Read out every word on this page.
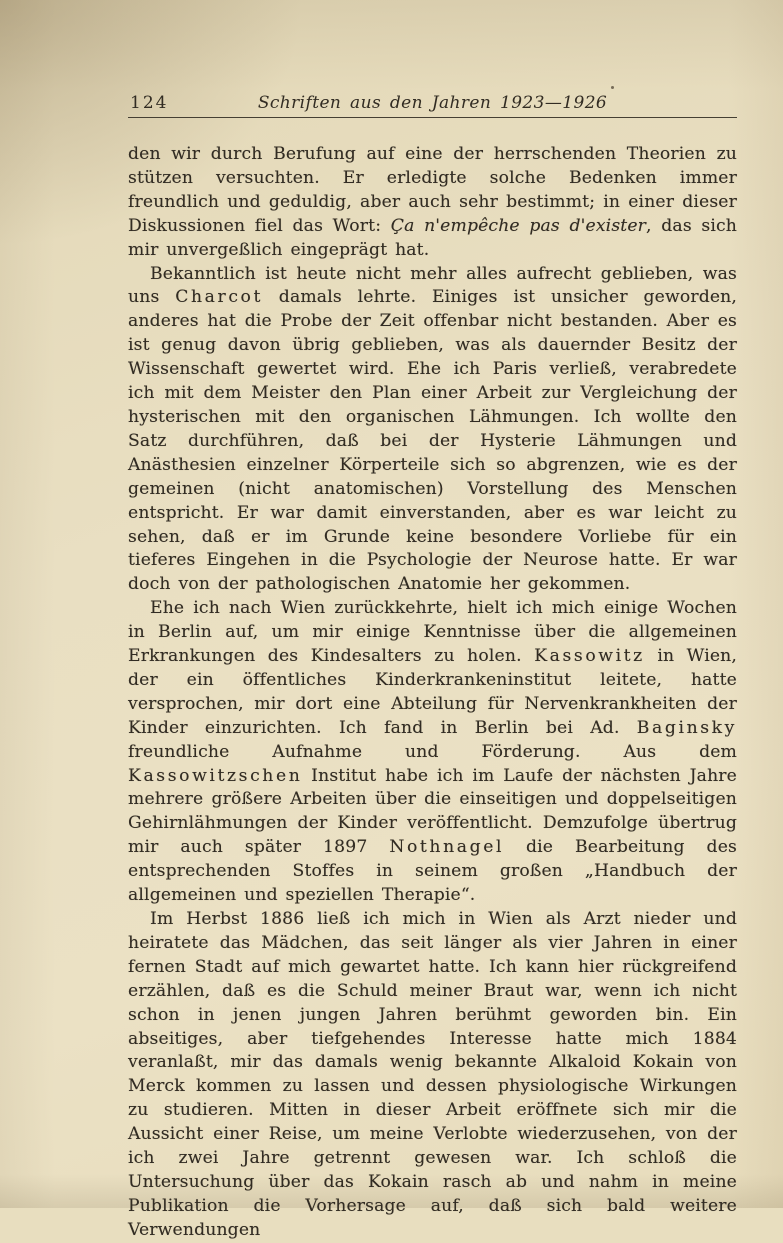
124	Schriften aus den Jahren 1923—1926

den wir durch Berufung auf eine der herrschenden Theorien zu stützen versuchten. Er erledigte solche Bedenken immer freundlich und geduldig, aber auch sehr bestimmt; in einer dieser Diskussionen fiel das Wort: Ça n'empêche pas d'exister, das sich mir unvergeßlich eingeprägt hat.

Bekanntlich ist heute nicht mehr alles aufrecht geblieben, was uns Charcot damals lehrte. Einiges ist unsicher geworden, anderes hat die Probe der Zeit offenbar nicht bestanden. Aber es ist genug davon übrig geblieben, was als dauernder Besitz der Wissenschaft gewertet wird. Ehe ich Paris verließ, verabredete ich mit dem Meister den Plan einer Arbeit zur Vergleichung der hysterischen mit den organischen Lähmungen. Ich wollte den Satz durchführen, daß bei der Hysterie Lähmungen und Anästhesien einzelner Körperteile sich so abgrenzen, wie es der gemeinen (nicht anatomischen) Vorstellung des Menschen entspricht. Er war damit einverstanden, aber es war leicht zu sehen, daß er im Grunde keine besondere Vorliebe für ein tieferes Eingehen in die Psychologie der Neurose hatte. Er war doch von der pathologischen Anatomie her gekommen.

Ehe ich nach Wien zurückkehrte, hielt ich mich einige Wochen in Berlin auf, um mir einige Kenntnisse über die allgemeinen Erkrankungen des Kindesalters zu holen. Kassowitz in Wien, der ein öffentliches Kinderkrankeninstitut leitete, hatte versprochen, mir dort eine Abteilung für Nervenkrankheiten der Kinder einzurichten. Ich fand in Berlin bei Ad. Baginsky freundliche Aufnahme und Förderung. Aus dem Kassowitzschen Institut habe ich im Laufe der nächsten Jahre mehrere größere Arbeiten über die einseitigen und doppelseitigen Gehirnlähmungen der Kinder veröffentlicht. Demzufolge übertrug mir auch später 1897 Nothnagel die Bearbeitung des entsprechenden Stoffes in seinem großen „Handbuch der allgemeinen und speziellen Therapie“.

Im Herbst 1886 ließ ich mich in Wien als Arzt nieder und heiratete das Mädchen, das seit länger als vier Jahren in einer fernen Stadt auf mich gewartet hatte. Ich kann hier rückgreifend erzählen, daß es die Schuld meiner Braut war, wenn ich nicht schon in jenen jungen Jahren berühmt geworden bin. Ein abseitiges, aber tiefgehendes Interesse hatte mich 1884 veranlaßt, mir das damals wenig bekannte Alkaloid Kokain von Merck kommen zu lassen und dessen physiologische Wirkungen zu studieren. Mitten in dieser Arbeit eröffnete sich mir die Aussicht einer Reise, um meine Verlobte wiederzusehen, von der ich zwei Jahre getrennt gewesen war. Ich schloß die Untersuchung über das Kokain rasch ab und nahm in meine Publikation die Vorhersage auf, daß sich bald weitere Verwendungen
